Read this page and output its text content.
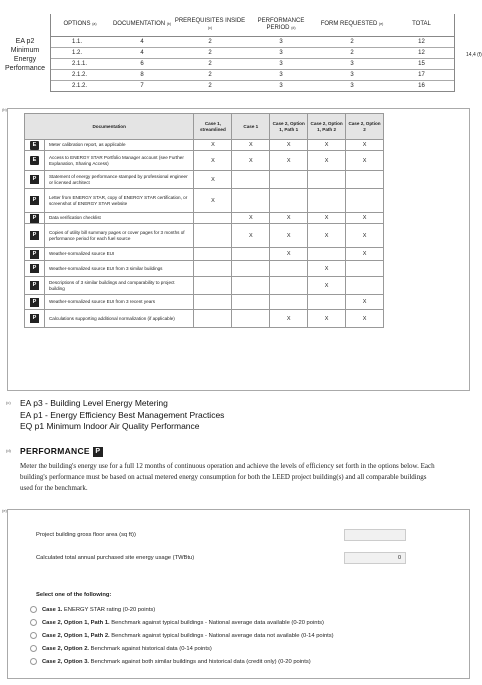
EA p2
Minimum
Energy
Performance
OPTIONS (a)	DOCUMENTATION (b)	PREREQUISITES INSIDE (c)	PERFORMANCE PERIOD (d)	FORM REQUESTED (e)	TOTAL
1.1.	4	2	3	2	12
1.2.	4	2	3	2	12
2.1.1.	6	2	3	3	15
2.1.2.	8	2	3	3	17
2.1.2.	7	2	3	3	16
14,4 (f)
(b)
Documentation		Case 1, streamlined	Case 1	Case 2, Option 1, Path 1	Case 2, Option 1, Path 2	Case 2, Option 2
E	Meter calibration report, as applicable	X	X	X	X	X
E	Access to ENERGY STAR Portfolio Manager account (see Further Explanation, Sharing Access)	X	X	X	X	X
P	Statement of energy performance stamped by professional engineer or licensed architect	X				
P	Letter from ENERGY STAR, copy of ENERGY STAR certification, or screenshot of ENERGY STAR website	X				
P	Data verification checklist		X	X	X	X
P	Copies of utility bill summary pages or cover pages for 3 months of performance period for each fuel source		X	X	X	X
P	Weather-normalized source EUI			X		X
P	Weather-normalized source EUI from 3 similar buildings				X	
P	Descriptions of 3 similar buildings and comparability to project building				X	
P	Weather-normalized source EUI from 3 recent years					X
P	Calculations supporting additional normalization (if applicable)			X	X	X
(c) EA p3 - Building Level Energy Metering
EA p1 - Energy Efficiency Best Management Practices
EQ p1 Minimum Indoor Air Quality Performance
(d) PERFORMANCE P
Meter the building's energy use for a full 12 months of continuous operation and achieve the levels of efficiency set forth in the options below. Each building's performance must be based on actual metered energy consumption for both the LEED project building(s) and all comparable buildings used for the benchmark.
(e)
Project building gross floor area (sq ft))
Calculated total annual purchased site energy usage (TWBtu)	0
Select one of the following:
Case 1. ENERGY STAR rating (0-20 points)
Case 2, Option 1, Path 1. Benchmark against typical buildings - National average data available (0-20 points)
Case 2, Option 1, Path 2. Benchmark against typical buildings - National average data not available (0-14 points)
Case 2, Option 2. Benchmark against historical data (0-14 points)
Case 2, Option 3. Benchmark against both similar buildings and historical data (credit only) (0-20 points)
